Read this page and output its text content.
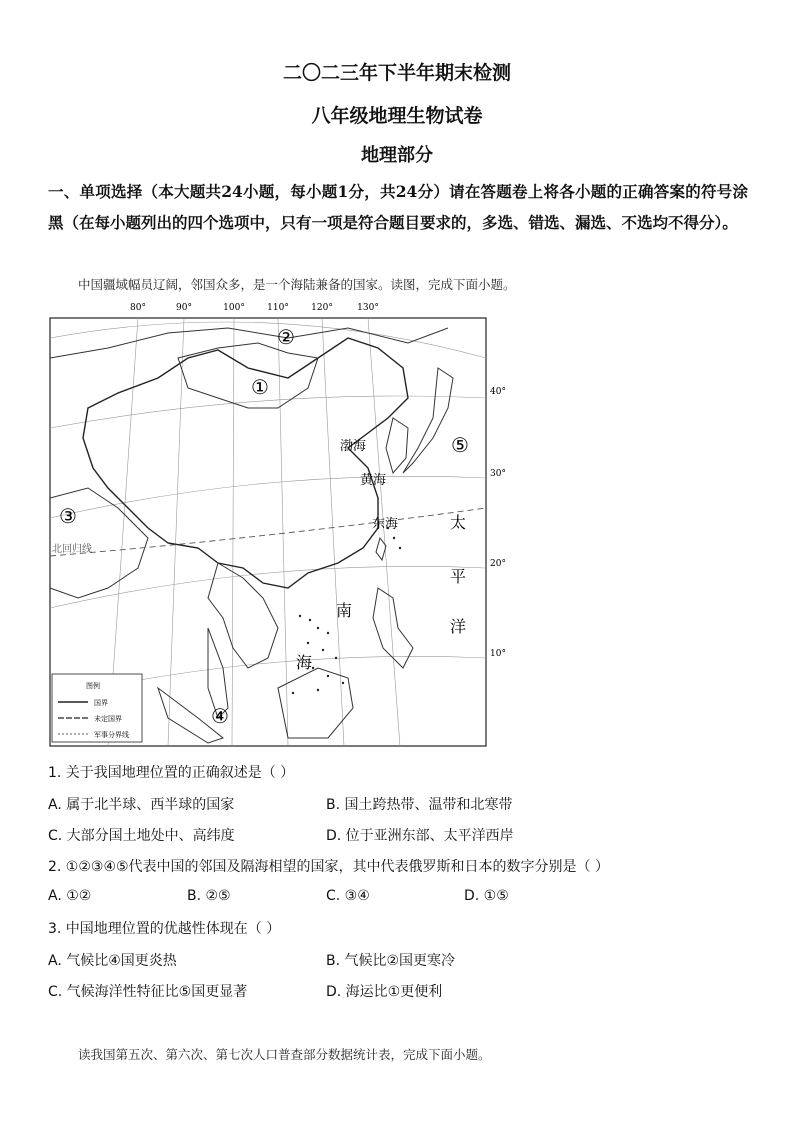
二〇二三年下半年期末检测
八年级地理生物试卷
地理部分
一、单项选择（本大题共24小题，每小题1分，共24分）请在答题卷上将各小题的正确答案的符号涂黑（在每小题列出的四个选项中，只有一项是符合题目要求的，多选、错选、漏选、不选均不得分）。
中国疆域幅员辽阔，邻国众多，是一个海陆兼备的国家。读图，完成下面小题。
80°	90°	100° 110° 120°	130°
40°
30°
20°
10°
北回归线
②
①
③
④
⑤
渤海
黄海
东海
南
海
太
平
洋
图例
国界
未定国界
军事分界线
1. 关于我国地理位置的正确叙述是（ ）
A. 属于北半球、西半球的国家	B. 国土跨热带、温带和北寒带
C. 大部分国土地处中、高纬度	D. 位于亚洲东部、太平洋西岸
2. ①②③④⑤代表中国的邻国及隔海相望的国家，其中代表俄罗斯和日本的数字分别是（ ）
A. ①②	B. ②⑤	C. ③④	D. ①⑤
3. 中国地理位置的优越性体现在（ ）
A. 气候比④国更炎热	B. 气候比②国更寒冷
C. 气候海洋性特征比⑤国更显著	D. 海运比①更便利
读我国第五次、第六次、第七次人口普查部分数据统计表，完成下面小题。
